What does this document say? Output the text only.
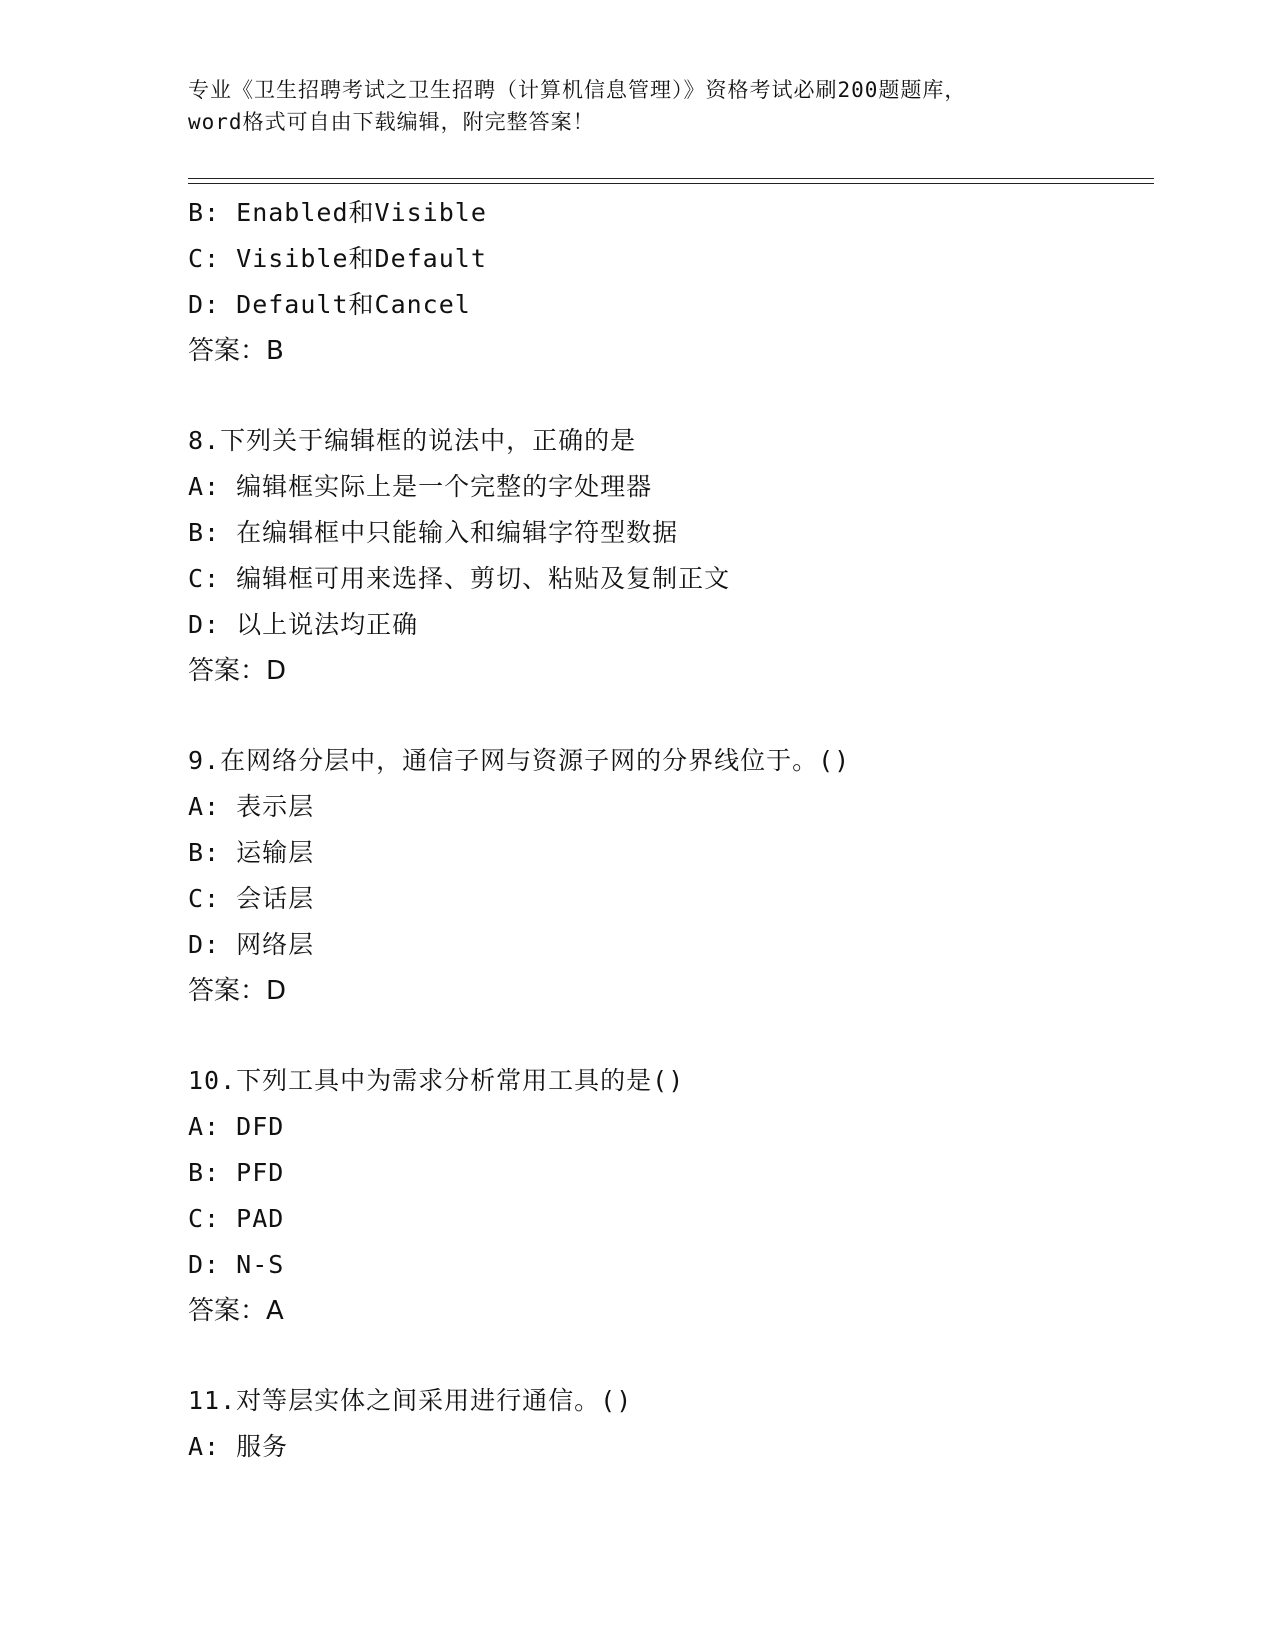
专业《卫生招聘考试之卫生招聘（计算机信息管理）》资格考试必刷200题题库，
word格式可自由下载编辑，附完整答案！
B: Enabled和Visible
C: Visible和Default
D: Default和Cancel
答案：B
8.下列关于编辑框的说法中，正确的是
A: 编辑框实际上是一个完整的字处理器
B: 在编辑框中只能输入和编辑字符型数据
C: 编辑框可用来选择、剪切、粘贴及复制正文
D: 以上说法均正确
答案：D
9.在网络分层中，通信子网与资源子网的分界线位于。()
A: 表示层
B: 运输层
C: 会话层
D: 网络层
答案：D
10.下列工具中为需求分析常用工具的是()
A: DFD
B: PFD
C: PAD
D: N-S
答案：A
11.对等层实体之间采用进行通信。()
A: 服务
